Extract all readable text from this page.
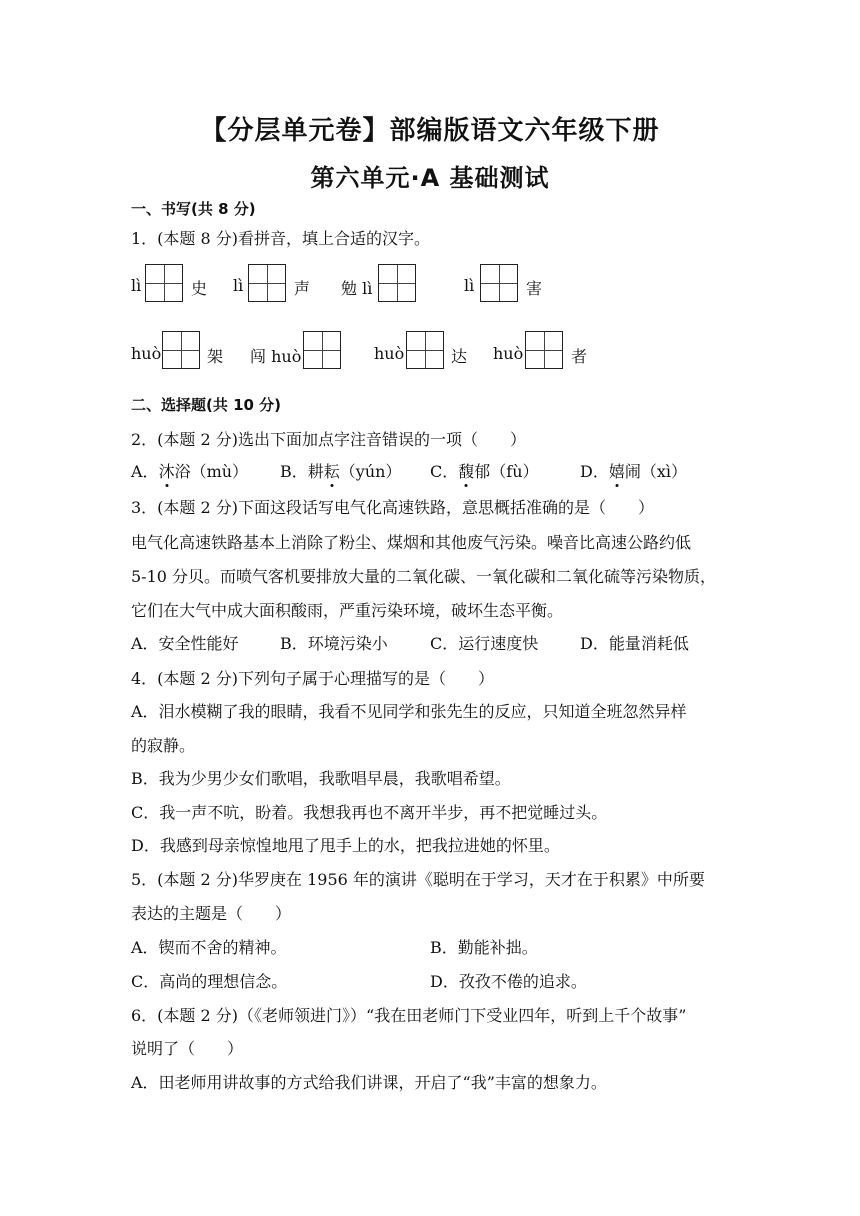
【分层单元卷】部编版语文六年级下册
第六单元·A 基础测试
一、书写(共 8 分)
1．(本题 8 分)看拼音，填上合适的汉字。
lì	史 lì	声 勉 lì	lì	害
huò	架 闯 huò	huò	达 huò	者
二、选择题(共 10 分)
2．(本题 2 分)选出下面加点字注音错误的一项（　　）
A．沐浴（mù） B．耕耘（yún） C．馥郁（fù）	D．嬉闹（xì）
3．(本题 2 分)下面这段话写电气化高速铁路，意思概括准确的是（　　）
电气化高速铁路基本上消除了粉尘、煤烟和其他废气污染。噪音比高速公路约低
5-10 分贝。而喷气客机要排放大量的二氧化碳、一氧化碳和二氧化硫等污染物质，
它们在大气中成大面积酸雨，严重污染环境，破坏生态平衡。
A．安全性能好	B．环境污染小	C．运行速度快	D．能量消耗低
4．(本题 2 分)下列句子属于心理描写的是（　　）
A．泪水模糊了我的眼睛，我看不见同学和张先生的反应，只知道全班忽然异样
的寂静。
B．我为少男少女们歌唱，我歌唱早晨，我歌唱希望。
C．我一声不吭，盼着。我想我再也不离开半步，再不把觉睡过头。
D．我感到母亲惊惶地甩了甩手上的水，把我拉进她的怀里。
5．(本题 2 分)华罗庚在 1956 年的演讲《聪明在于学习，天才在于积累》中所要
表达的主题是（　　）
A．锲而不舍的精神。	B．勤能补拙。
C．高尚的理想信念。	D．孜孜不倦的追求。
6．(本题 2 分)（《老师领进门》）“我在田老师门下受业四年，听到上千个故事”
说明了（　　）
A．田老师用讲故事的方式给我们讲课，开启了“我”丰富的想象力。
